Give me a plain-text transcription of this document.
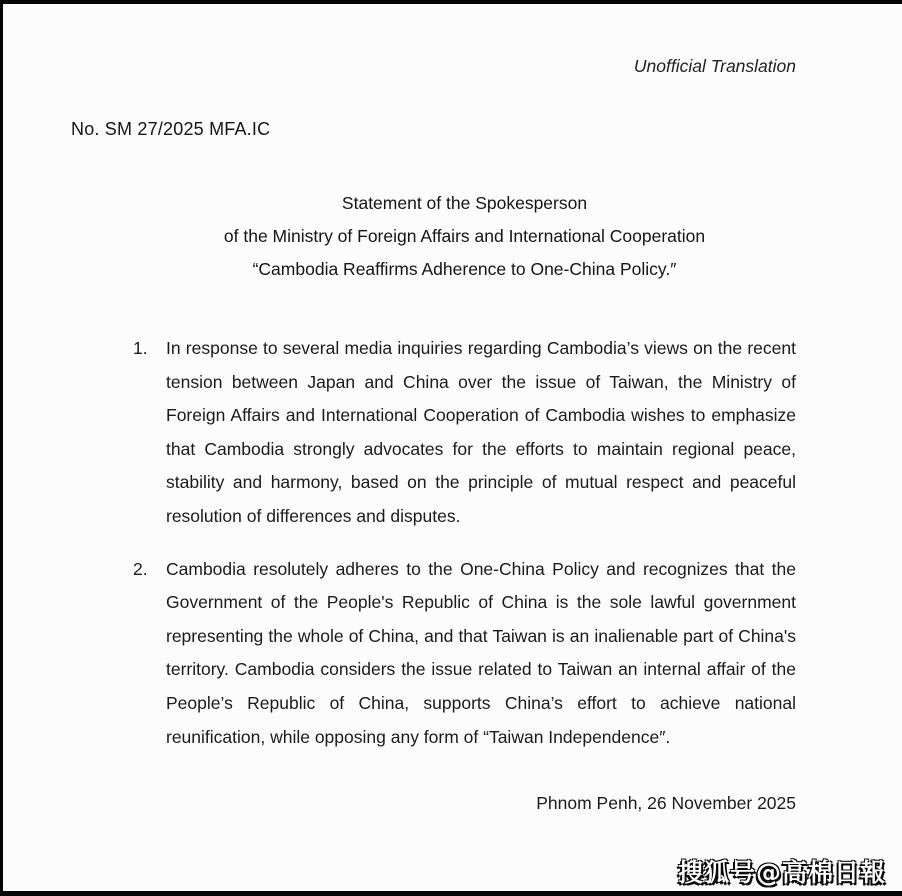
Unofficial Translation
No. SM 27/2025 MFA.IC
Statement of the Spokesperson
of the Ministry of Foreign Affairs and International Cooperation
“Cambodia Reaffirms Adherence to One-China Policy.″
1.	In response to several media inquiries regarding Cambodia’s views on the recent tension between Japan and China over the issue of Taiwan, the Ministry of Foreign Affairs and International Cooperation of Cambodia wishes to emphasize that Cambodia strongly advocates for the efforts to maintain regional peace, stability and harmony, based on the principle of mutual respect and peaceful resolution of differences and disputes.
2.	Cambodia resolutely adheres to the One-China Policy and recognizes that the Government of the People's Republic of China is the sole lawful government representing the whole of China, and that Taiwan is an inalienable part of China's territory. Cambodia considers the issue related to Taiwan an internal affair of the People’s Republic of China, supports China’s effort to achieve national reunification, while opposing any form of “Taiwan Independence″.
Phnom Penh, 26 November 2025
搜狐号@高棉日報
